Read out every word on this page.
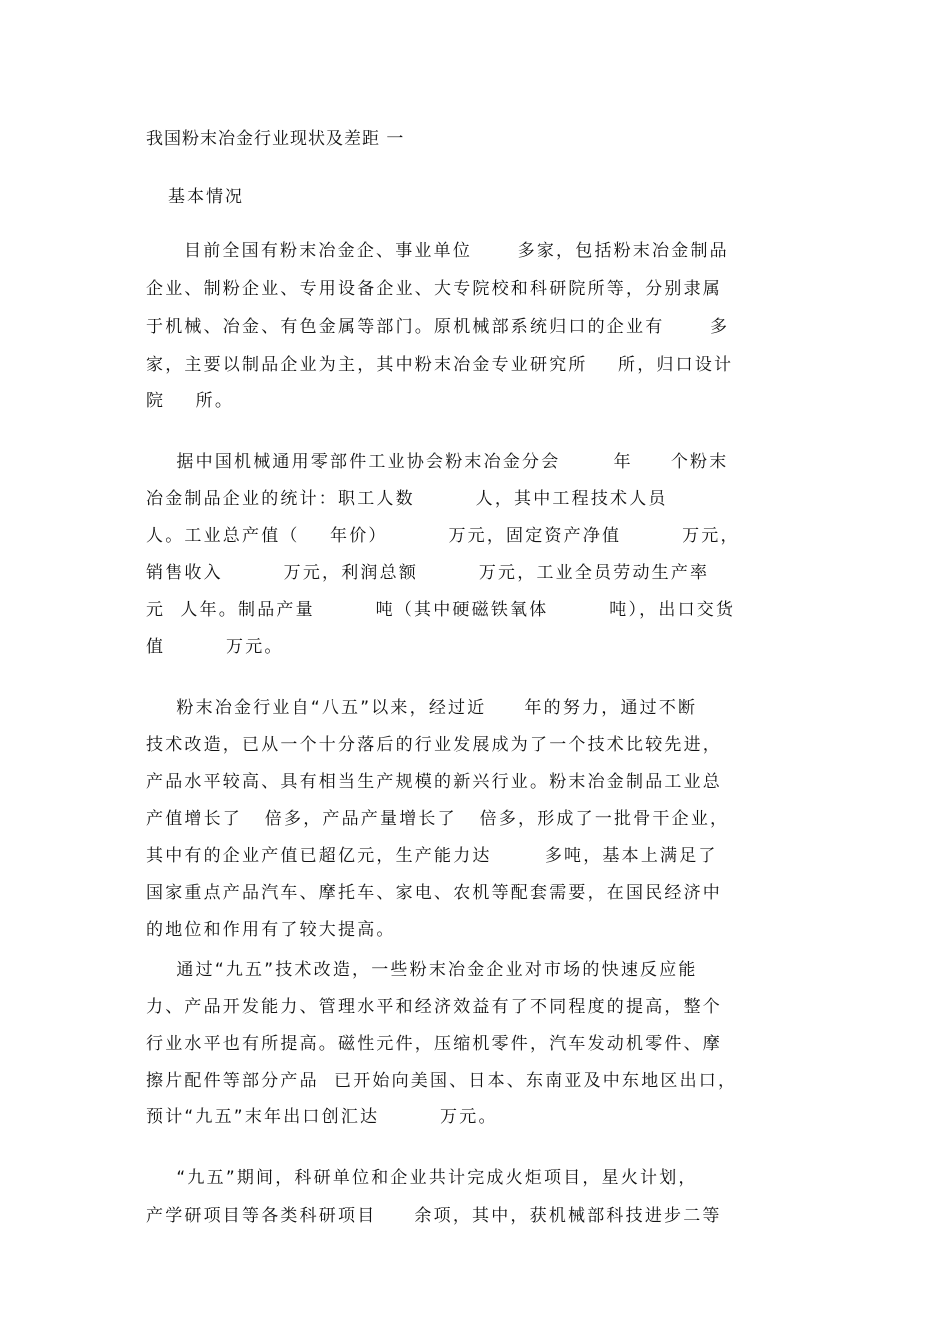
我国粉末冶金行业现状及差距 一
基本情况
目前全国有粉末冶金企、事业单位      多家，包括粉末冶金制品
企业、制粉企业、专用设备企业、大专院校和科研院所等，分别隶属
于机械、冶金、有色金属等部门。原机械部系统归口的企业有      多
家，主要以制品企业为主，其中粉末冶金专业研究所    所，归口设计
院    所。
据中国机械通用零部件工业协会粉末冶金分会       年     个粉末
冶金制品企业的统计：职工人数        人，其中工程技术人员
人。工业总产值（    年价）        万元，固定资产净值        万元，
销售收入        万元，利润总额        万元，工业全员劳动生产率
元  人年。制品产量        吨（其中硬磁铁氧体        吨），出口交货
值        万元。
粉末冶金行业自“八五”以来，经过近     年的努力，通过不断
技术改造，已从一个十分落后的行业发展成为了一个技术比较先进，
产品水平较高、具有相当生产规模的新兴行业。粉末冶金制品工业总
产值增长了   倍多，产品产量增长了   倍多，形成了一批骨干企业，
其中有的企业产值已超亿元，生产能力达       多吨，基本上满足了
国家重点产品汽车、摩托车、家电、农机等配套需要，在国民经济中
的地位和作用有了较大提高。
通过“九五”技术改造，一些粉末冶金企业对市场的快速反应能
力、产品开发能力、管理水平和经济效益有了不同程度的提高，整个
行业水平也有所提高。磁性元件，压缩机零件，汽车发动机零件、摩
擦片配件等部分产品  已开始向美国、日本、东南亚及中东地区出口，
预计“九五”末年出口创汇达        万元。
“九五”期间，科研单位和企业共计完成火炬项目，星火计划，
产学研项目等各类科研项目     余项，其中，获机械部科技进步二等
